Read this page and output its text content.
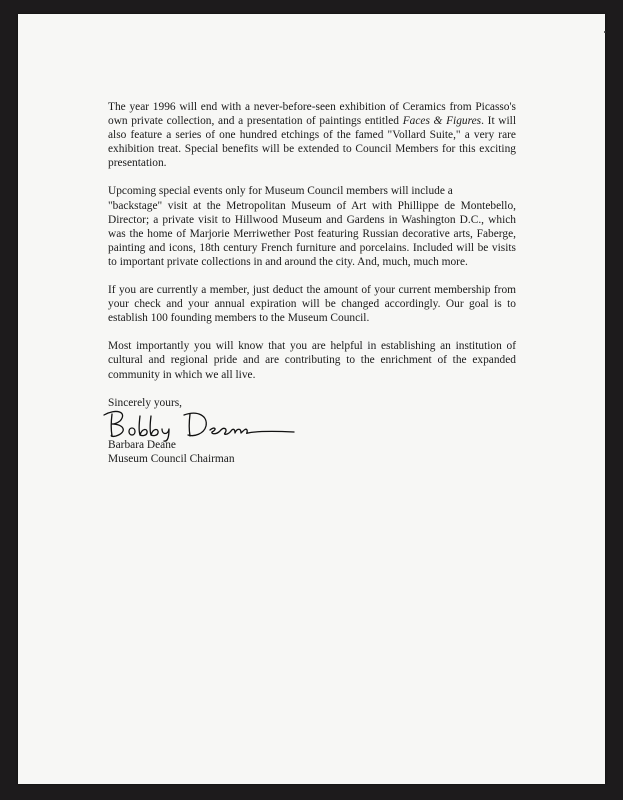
The year 1996 will end with a never-before-seen exhibition of Ceramics from Picasso's own private collection, and a presentation of paintings entitled Faces & Figures. It will also feature a series of one hundred etchings of the famed "Vollard Suite," a very rare exhibition treat. Special benefits will be extended to Council Members for this exciting presentation.

Upcoming special events only for Museum Council members will include a
"backstage" visit at the Metropolitan Museum of Art with Phillippe de Montebello, Director; a private visit to Hillwood Museum and Gardens in Washington D.C., which was the home of Marjorie Merriwether Post featuring Russian decorative arts, Faberge, painting and icons, 18th century French furniture and porcelains. Included will be visits to important private collections in and around the city. And, much, much more.

If you are currently a member, just deduct the amount of your current membership from your check and your annual expiration will be changed accordingly. Our goal is to establish 100 founding members to the Museum Council.

Most importantly you will know that you are helpful in establishing an institution of cultural and regional pride and are contributing to the enrichment of the expanded community in which we all live.

Sincerely yours,

Barbara Deane

Museum Council Chairman
